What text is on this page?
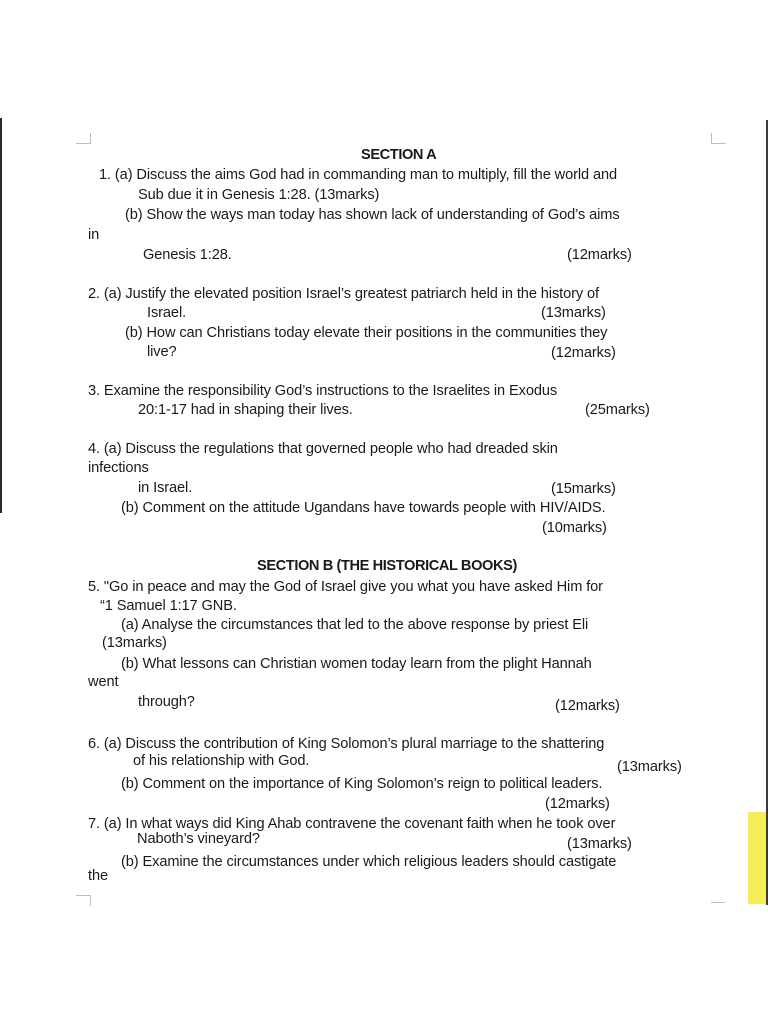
SECTION A
1. (a) Discuss the aims God had in commanding man to multiply, fill the world and
Sub due it in Genesis 1:28. (13marks)
(b) Show the ways man today has shown lack of understanding of God’s aims
in
Genesis 1:28.	(12marks)
2. (a) Justify the elevated position Israel’s greatest patriarch held in the history of
Israel.	(13marks)
(b) How can Christians today elevate their positions in the communities they
live?	(12marks)
3. Examine the responsibility God’s instructions to the Israelites in Exodus
20:1-17 had in shaping their lives.	(25marks)
4. (a) Discuss the regulations that governed people who had dreaded skin
infections
in Israel.	(15marks)
(b) Comment on the attitude Ugandans have towards people with HIV/AIDS.
(10marks)
SECTION B (THE HISTORICAL BOOKS)
5. "Go in peace and may the God of Israel give you what you have asked Him for
“1 Samuel 1:17 GNB.
(a) Analyse the circumstances that led to the above response by priest Eli
(13marks)
(b) What lessons can Christian women today learn from the plight Hannah
went
through?	(12marks)
6. (a) Discuss the contribution of King Solomon’s plural marriage to the shattering
of his relationship with God.	(13marks)
(b) Comment on the importance of King Solomon’s reign to political leaders.
(12marks)
7. (a) In what ways did King Ahab contravene the covenant faith when he took over
Naboth’s vineyard?	(13marks)
(b) Examine the circumstances under which religious leaders should castigate
the
